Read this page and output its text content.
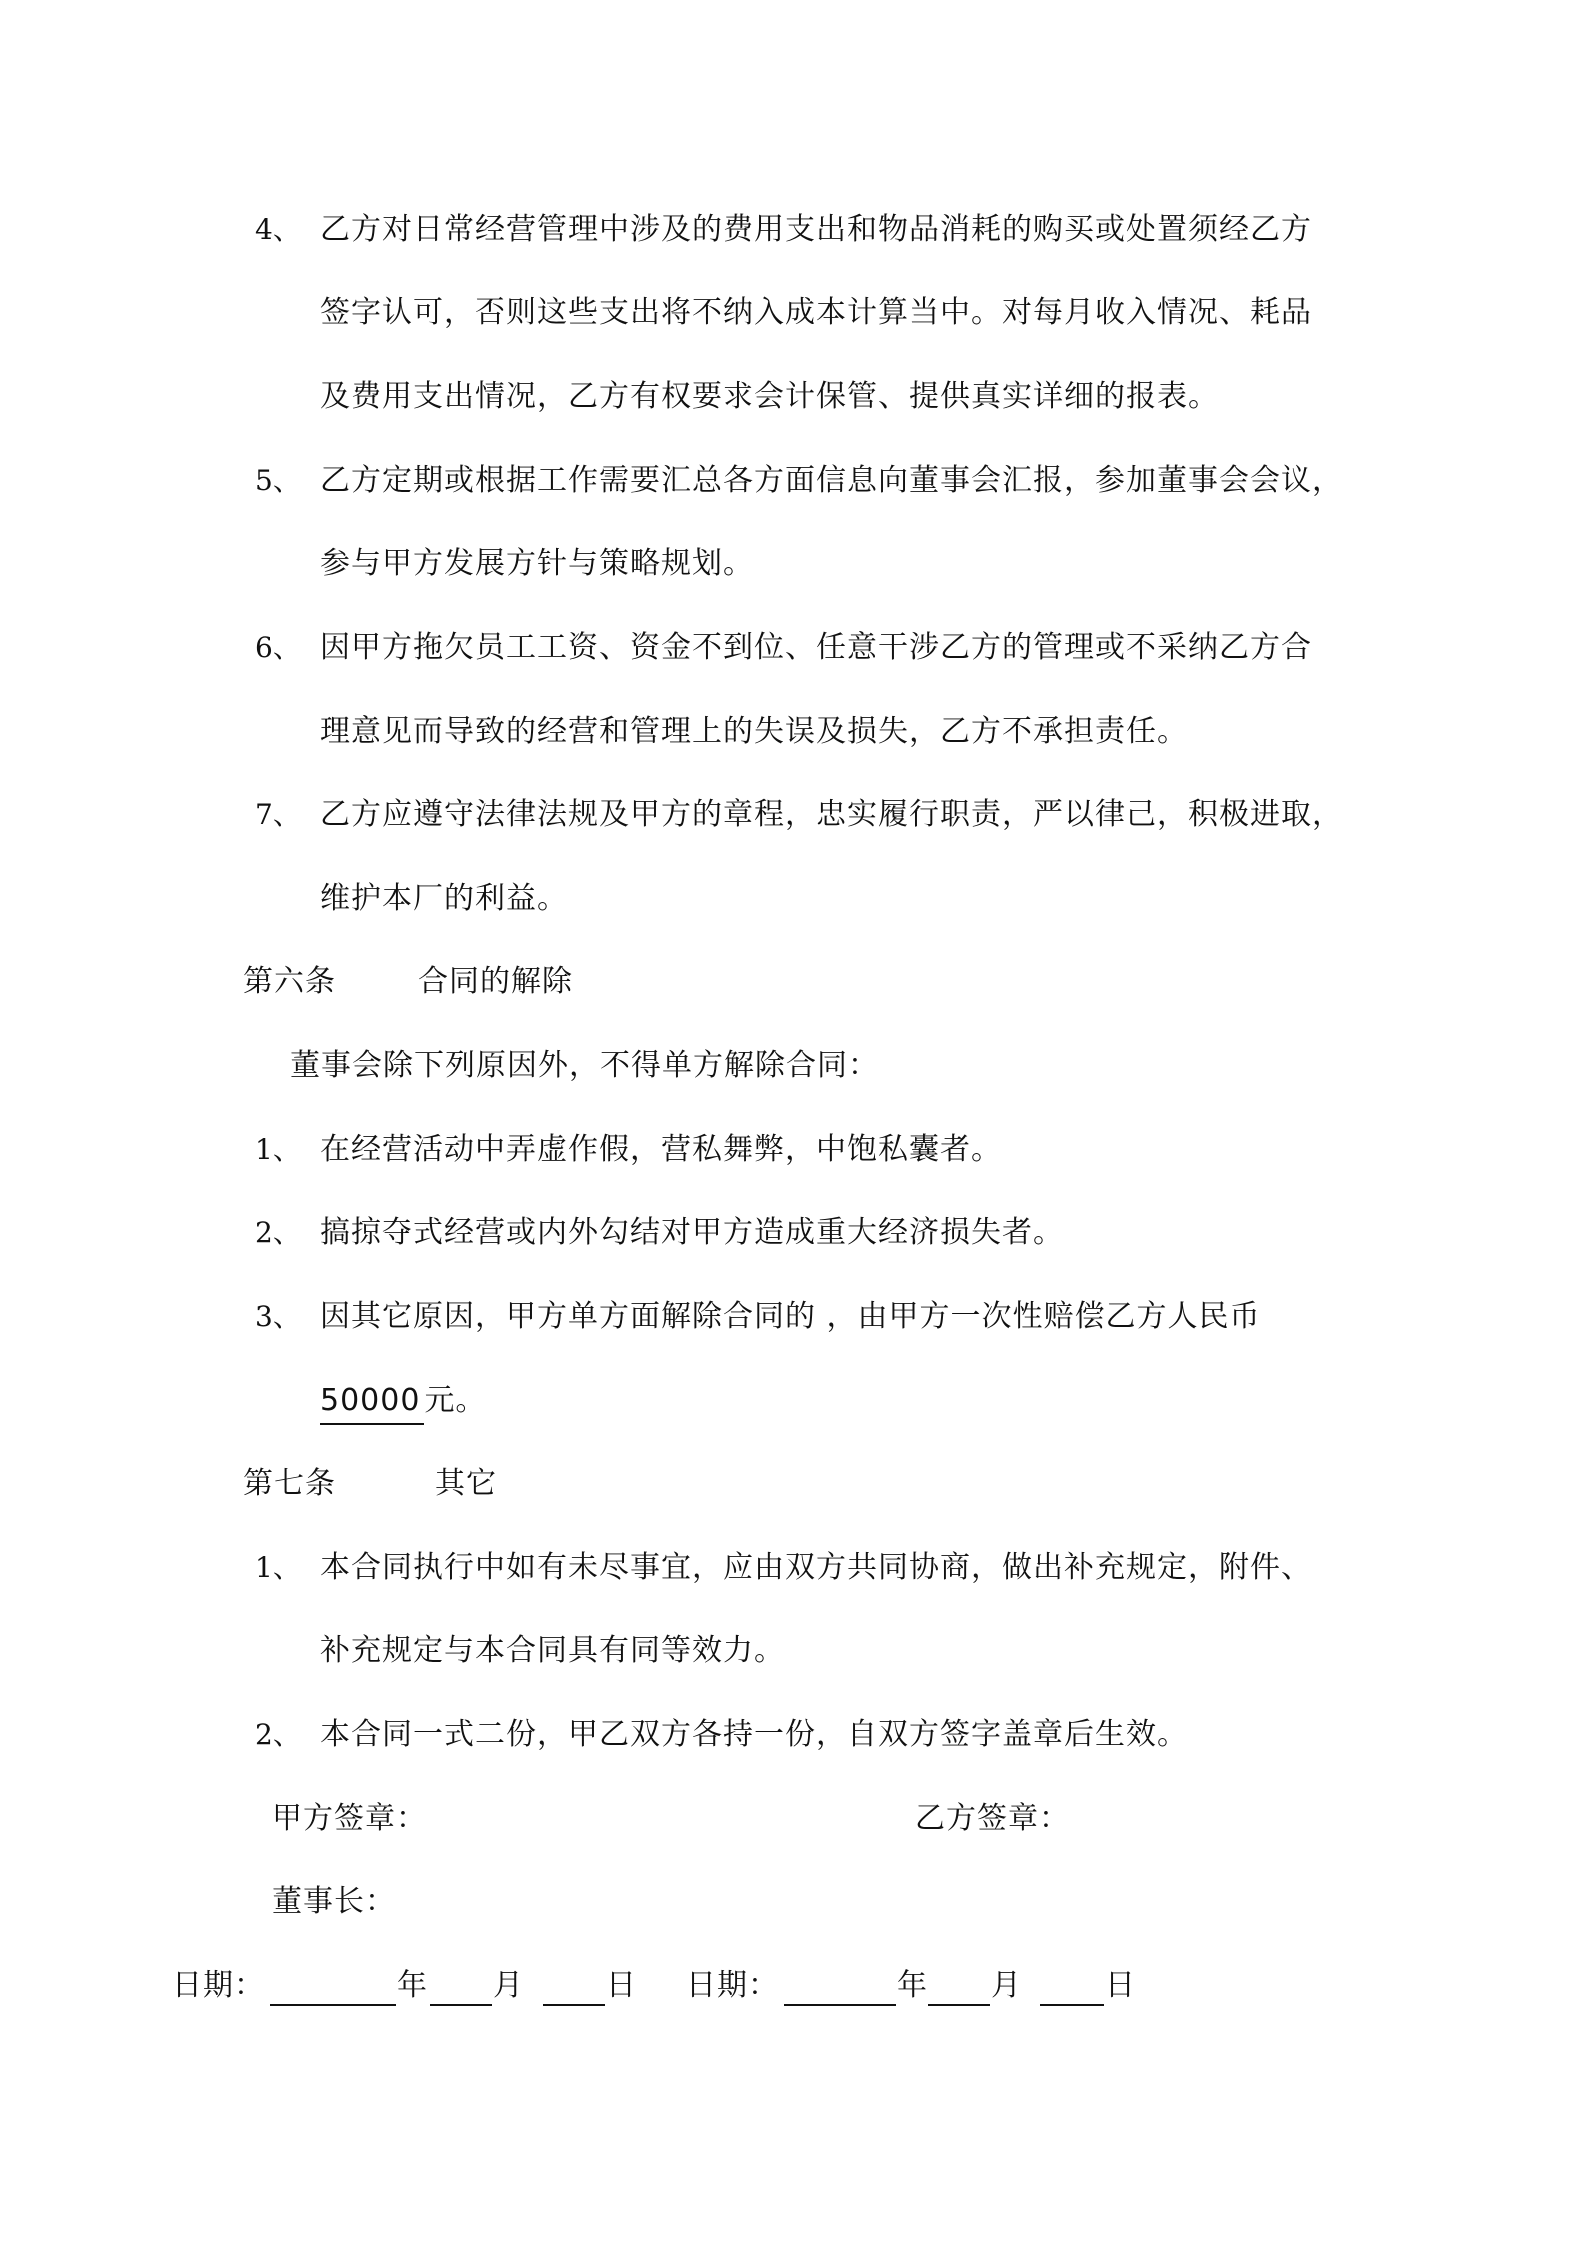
4、 乙方对日常经营管理中涉及的费用支出和物品消耗的购买或处置须经乙方
签字认可，否则这些支出将不纳入成本计算当中。对每月收入情况、耗品
及费用支出情况，乙方有权要求会计保管、提供真实详细的报表。
5、 乙方定期或根据工作需要汇总各方面信息向董事会汇报，参加董事会会议，
参与甲方发展方针与策略规划。
6、 因甲方拖欠员工工资、资金不到位、任意干涉乙方的管理或不采纳乙方合
理意见而导致的经营和管理上的失误及损失，乙方不承担责任。
7、 乙方应遵守法律法规及甲方的章程，忠实履行职责，严以律己，积极进取，
维护本厂的利益。
第六条	合同的解除
董事会除下列原因外，不得单方解除合同：
1、 在经营活动中弄虚作假，营私舞弊，中饱私囊者。
2、 搞掠夺式经营或内外勾结对甲方造成重大经济损失者。
3、 因其它原因，甲方单方面解除合同的 ，由甲方一次性赔偿乙方人民币
50000 元。
第七条	其它
1、 本合同执行中如有未尽事宜，应由双方共同协商，做出补充规定，附件、
补充规定与本合同具有同等效力。
2、 本合同一式二份，甲乙双方各持一份，自双方签字盖章后生效。
甲方签章：	乙方签章：
董事长：
日期：	年 月	日 日期：	年 月	日
